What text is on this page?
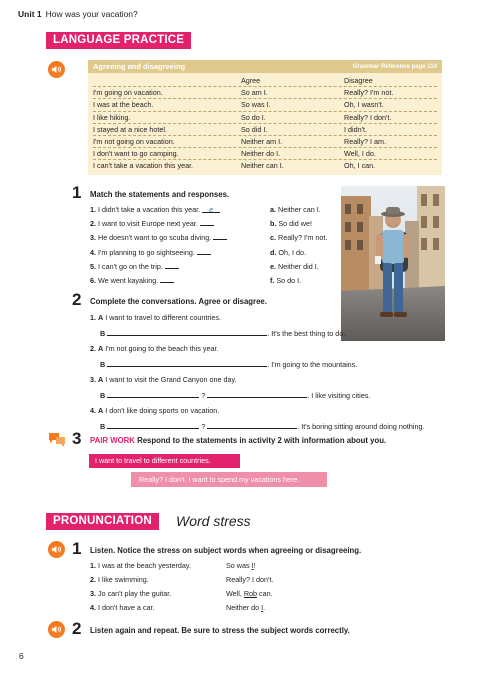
Unit 1 How was your vacation?
LANGUAGE PRACTICE
Agreeing and disagreeing	Grammar Reference page 114
Agree	Disagree
I'm going on vacation.	So am I.	Really? I'm not.
I was at the beach.	So was I.	Oh, I wasn't.
I like hiking.	So do I.	Really? I don't.
I stayed at a nice hotel.	So did I.	I didn't.
I'm not going on vacation.	Neither am I.	Really? I am.
I don't want to go camping.	Neither do I.	Well, I do.
I can't take a vacation this year.	Neither can I.	Oh, I can.
1 Match the statements and responses.
1. I didn't take a vacation this year. e	a. Neither can I.
2. I want to visit Europe next year.	b. So did we!
3. He doesn't want to go scuba diving.	c. Really? I'm not.
4. I'm planning to go sightseeing.	d. Oh, I do.
5. I can't go on the trip.	e. Neither did I.
6. We went kayaking.	f. So do I.
2 Complete the conversations. Agree or disagree.
1. A I want to travel to different countries.
B	. It's the best thing to do.
2. A I'm not going to the beach this year.
B	. I'm going to the mountains.
3. A I want to visit the Grand Canyon one day.
B	?	. I like visiting cities.
4. A I don't like doing sports on vacation.
B	?	. It's boring sitting around doing nothing.
3 PAIR WORK Respond to the statements in activity 2 with information about you.
I want to travel to different countries.
Really? I don't. I want to spend my vacations here.
PRONUNCIATION	Word stress
1 Listen. Notice the stress on subject words when agreeing or disagreeing.
1. I was at the beach yesterday.	So was I!
2. I like swimming.	Really? I don't.
3. Jo can't play the guitar.	Well, Rob can.
4. I don't have a car.	Neither do I.
2 Listen again and repeat. Be sure to stress the subject words correctly.
6
